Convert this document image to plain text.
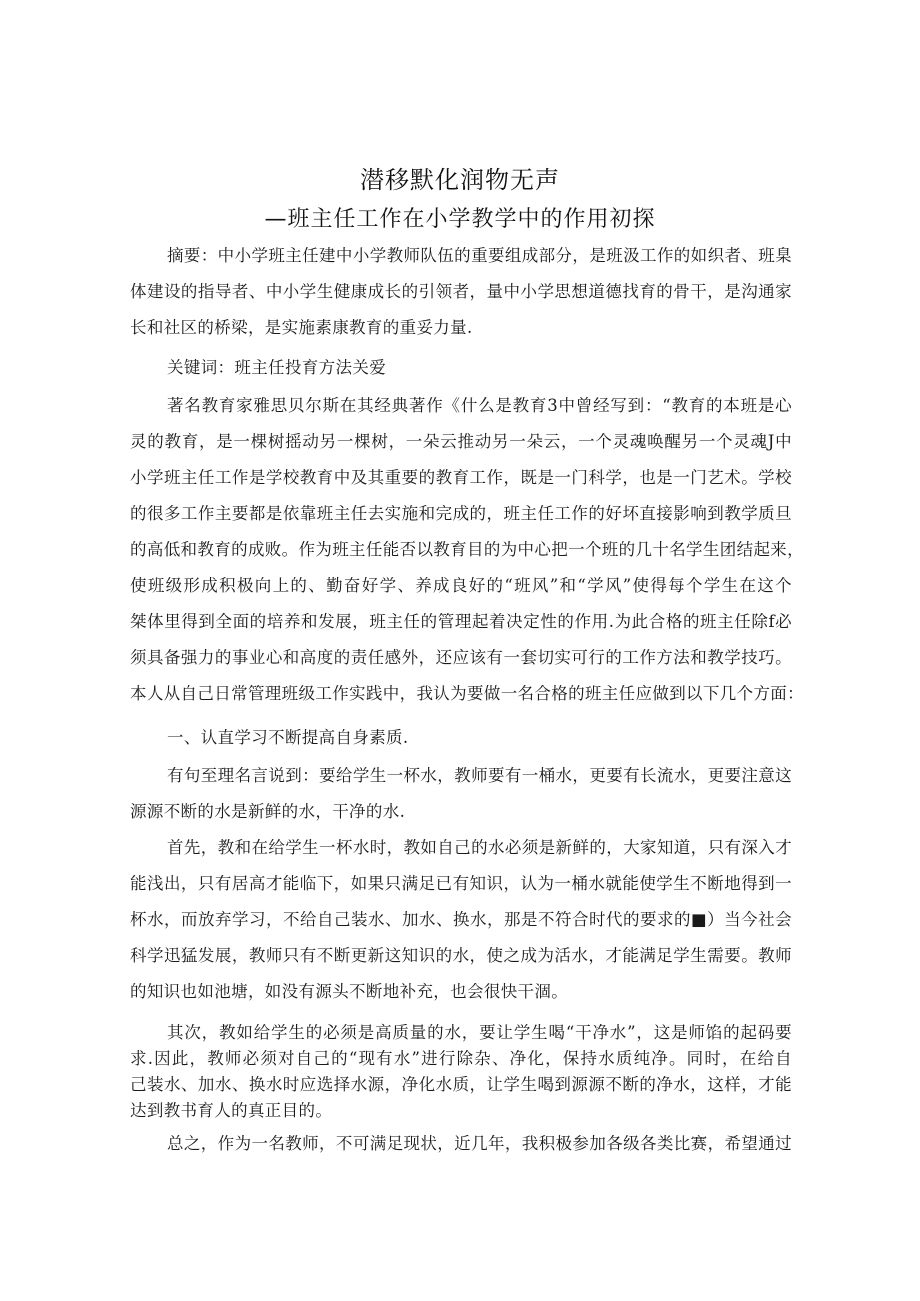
潜移默化润物无声
—班主任工作在小学教学中的作用初探
摘要：中小学班主任建中小学教师队伍的重要组成部分，是班汲工作的如织者、班臬
体建设的指导者、中小学生健康成长的引领者，量中小学思想道德找育的骨干，是沟通家
长和社区的桥梁，是实施素康教育的重妥力量.
关键词：班主任投育方法关爱
著名教育家雅思贝尔斯在其经典著作《什么是教育3中曾经写到：“教育的本班是心
灵的教育，是一棵树摇动另一棵树，一朵云推动另一朵云，一个灵魂唤醒另一个灵魂J中
小学班主任工作是学校教育中及其重要的教育工作，既是一门科学，也是一门艺术。学校
的很多工作主要都是依靠班主任去实施和完成的，班主任工作的好坏直接影响到教学质旦
的高低和教育的成败。作为班主任能否以教育目的为中心把一个班的几十名学生团结起来，
使班级形成积极向上的、勤奋好学、养成良好的“班风”和“学风”使得每个学生在这个
桀体里得到全面的培养和发展，班主任的管理起着决定性的作用.为此合格的班主任除f必
须具备强力的事业心和高度的责任感外，还应该有一套切实可行的工作方法和教学技巧。
本人从自己日常管理班级工作实践中，我认为要做一名合格的班主任应做到以下几个方面：
一、认直学习不断提高自身素质.
有句至理名言说到：要给学生一杯水，教师要有一桶水，更要有长流水，更要注意这
源源不断的水是新鲜的水，干净的水.
首先，教和在给学生一杯水时，教如自己的水必须是新鲜的，大家知道，只有深入才
能浅出，只有居高才能临下，如果只满足已有知识，认为一桶水就能使学生不断地得到一
杯水，而放弃学习，不给自己装水、加水、换水，那是不符合时代的要求的■）当今社会
科学迅猛发展，教师只有不断更新这知识的水，使之成为活水，才能满足学生需要。教师
的知识也如池塘，如没有源头不断地补充，也会很快干涸。
其次，教如给学生的必须是高质量的水，要让学生喝“干净水”，这是师馅的起码要
求.因此，教师必须对自己的“现有水”进行除杂、净化，保持水质纯净。同时，在给自
己装水、加水、换水时应选择水源，净化水质，让学生喝到源源不断的净水，这样，才能
达到教书育人的真正目的。
总之，作为一名教师，不可满足现状，近几年，我积极参加各级各类比赛，希望通过
